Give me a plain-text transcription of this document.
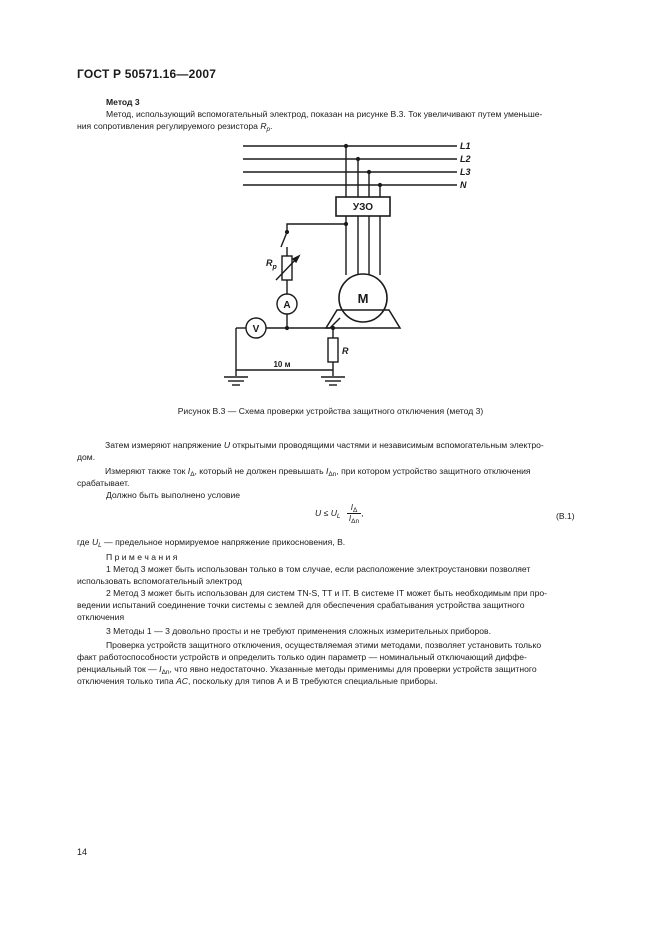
ГОСТ Р 50571.16—2007
Метод 3
Метод, использующий вспомогательный электрод, показан на рисунке В.3. Ток увеличивают путем уменьше-
ния сопротивления регулируемого резистора $R_p$.
L1
L2
L3
N
УЗО
М
A
V
$R_p$
R
10 м
Рисунок В.3 — Схема проверки устройства защитного отключения (метод 3)
Затем измеряют напряжение U открытыми проводящими частями и независимым вспомогательным электро-
дом.
Измеряют также ток $I_\Delta$, который не должен превышать $I_{\Delta n}$, при котором устройство защитного отключения
срабатывает.
Должно быть выполнено условие
$U \le U_L \frac{I_\Delta}{I_{\Delta n}}$ ,	(В.1)
где $U_L$ — предельное нормируемое напряжение прикосновения, В.
П р и м е ч а н и я
1 Метод 3 может быть использован только в том случае, если расположение электроустановки позволяет
использовать вспомогательный электрод
2 Метод 3 может быть использован для систем TN-S, TT и IT. В системе IT может быть необходимым при про-
ведении испытаний соединение точки системы с землей для обеспечения срабатывания устройства защитного
отключения
3 Методы 1 — 3 довольно просты и не требуют применения сложных измерительных приборов.
Проверка устройств защитного отключения, осуществляемая этими методами, позволяет установить только
факт работоспособности устройств и определить только один параметр — номинальный отключающий диффе-
ренциальный ток — $I_{\Delta n}$, что явно недостаточно. Указанные методы применимы для проверки устройств защитного
отключения только типа AC, поскольку для типов А и В требуются специальные приборы.
14
